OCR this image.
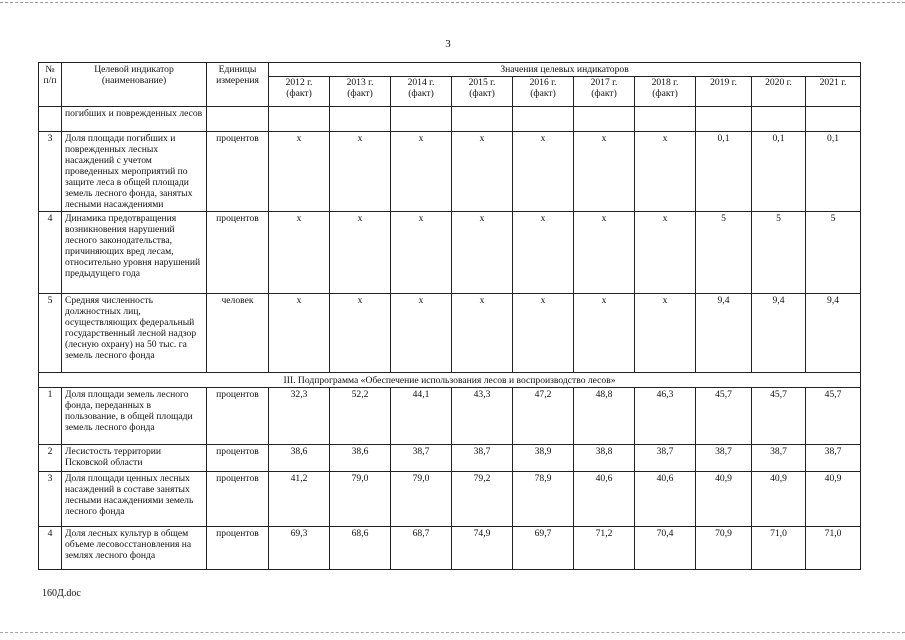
3
№ п/п	Целевой индикатор (наименование)	Единицы измерения	Значения целевых индикаторов									
			2012 г. (факт)	2013 г. (факт)	2014 г. (факт)	2015 г. (факт)	2016 г. (факт)	2017 г. (факт)	2018 г. (факт)	2019 г.	2020 г.	2021 г.
	погибших и поврежденных лесов											
3	Доля площади погибших и поврежденных лесных насаждений с учетом проведенных мероприятий по защите леса в общей площади земель лесного фонда, занятых лесными насаждениями	процентов	х	х	х	х	х	х	х	0,1	0,1	0,1
4	Динамика предотвращения возникновения нарушений лесного законодательства, причиняющих вред лесам, относительно уровня нарушений предыдущего года	процентов	х	х	х	х	х	х	х	5	5	5
5	Средняя численность должностных лиц, осуществляющих федеральный государственный лесной надзор (лесную охрану) на 50 тыс. га земель лесного фонда	человек	х	х	х	х	х	х	х	9,4	9,4	9,4
III. Подпрограмма «Обеспечение использования лесов и воспроизводство лесов»												
1	Доля площади земель лесного фонда, переданных в пользование, в общей площади земель лесного фонда	процентов	32,3	52,2	44,1	43,3	47,2	48,8	46,3	45,7	45,7	45,7
2	Лесистость территории Псковской области	процентов	38,6	38,6	38,7	38,7	38,9	38,8	38,7	38,7	38,7	38,7
3	Доля площади ценных лесных насаждений в составе занятых лесными насаждениями земель лесного фонда	процентов	41,2	79,0	79,0	79,2	78,9	40,6	40,6	40,9	40,9	40,9
4	Доля лесных культур в общем объеме лесовосстановления на землях лесного фонда	процентов	69,3	68,6	68,7	74,9	69,7	71,2	70,4	70,9	71,0	71,0
160Д.doc
